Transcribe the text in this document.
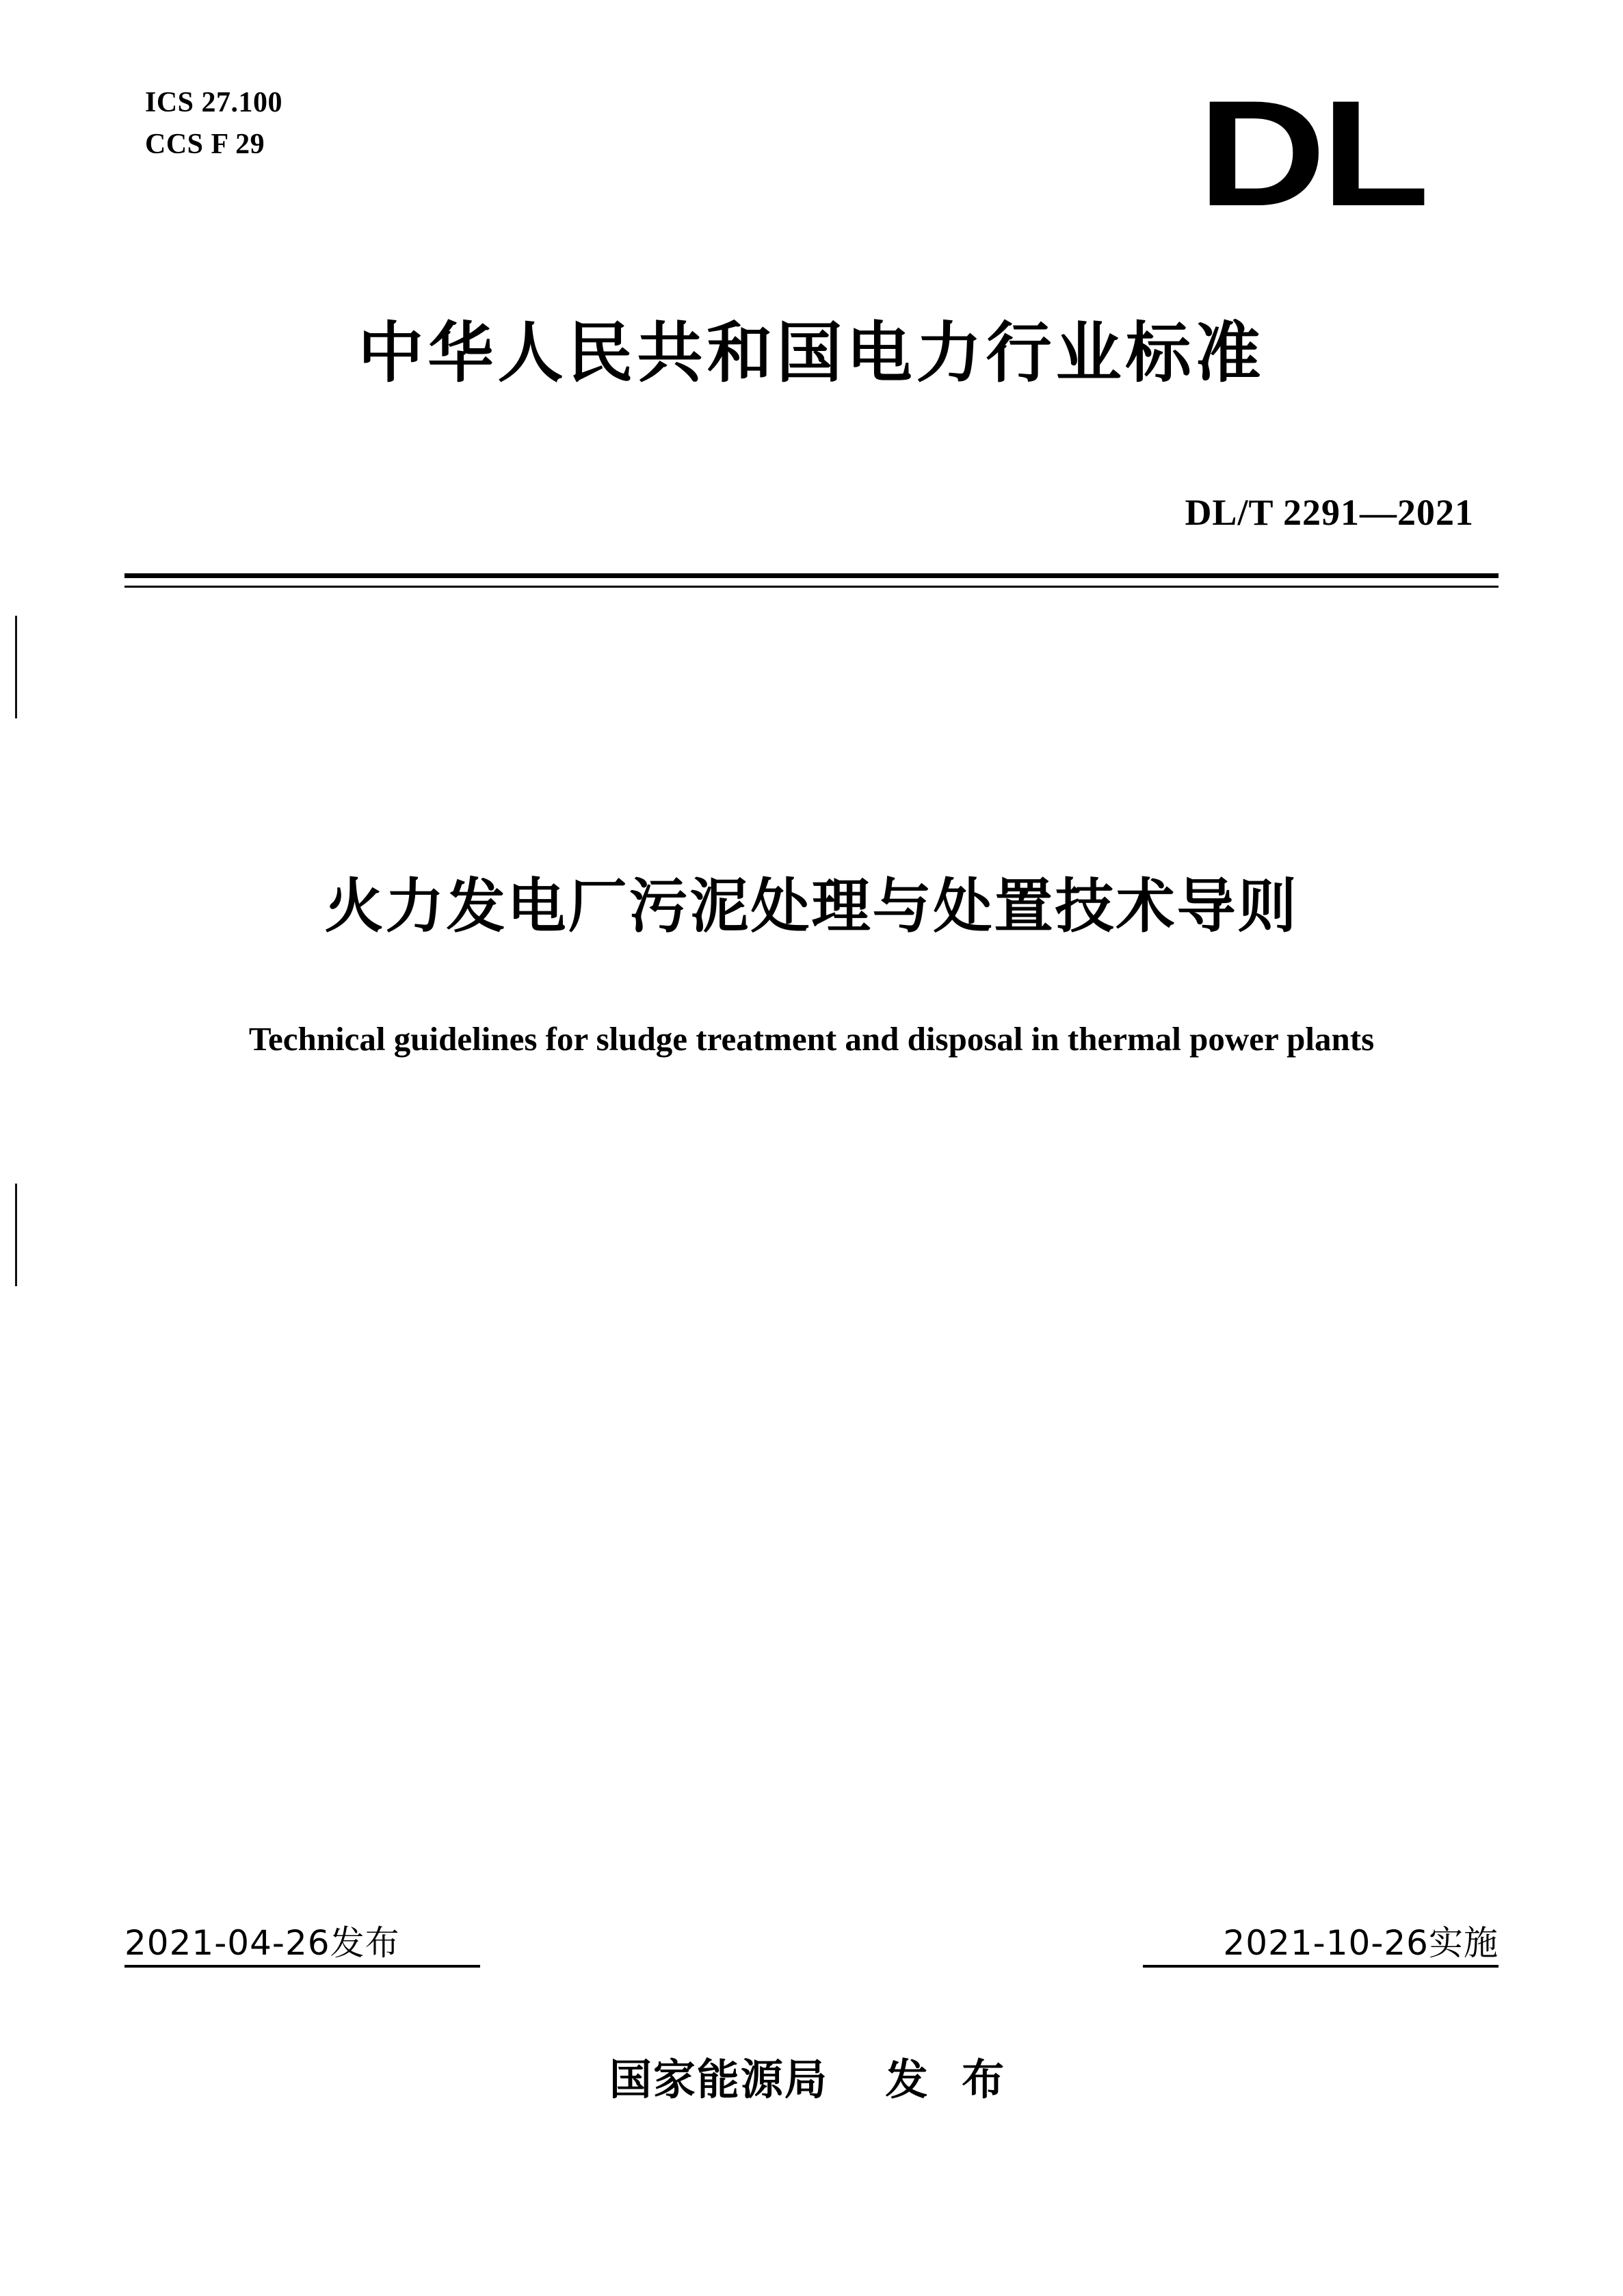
ICS 27.100
CCS F 29	DL
中华人民共和国电力行业标准
DL/T 2291—2021
火力发电厂污泥处理与处置技术导则
Technical guidelines for sludge treatment and disposal in thermal power plants
2021-04-26发布	2021-10-26实施
国家能源局 发 布
